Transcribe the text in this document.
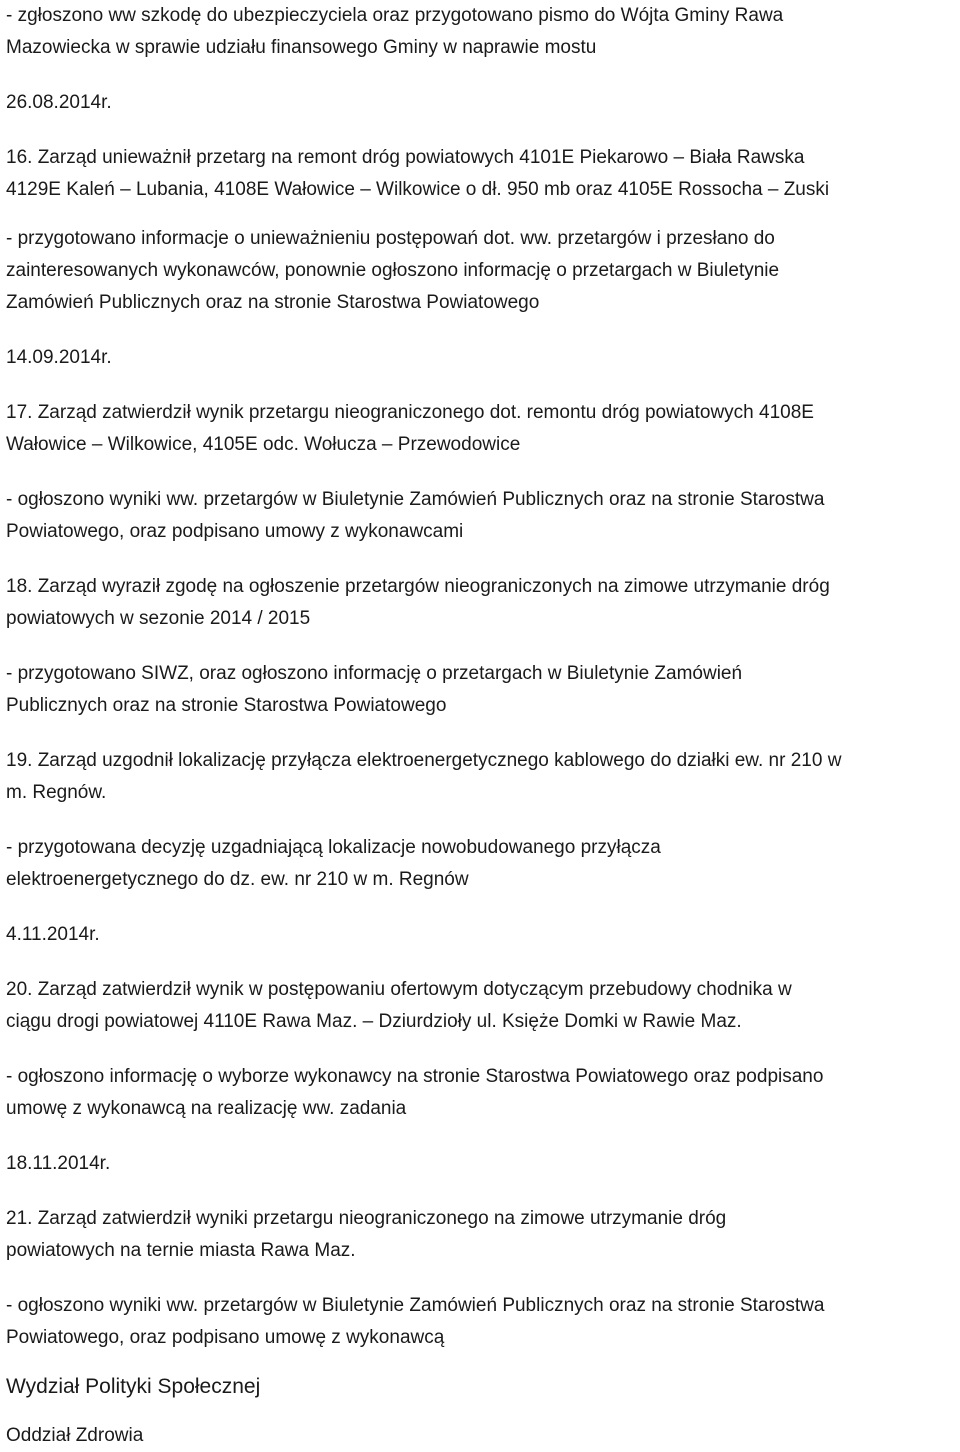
- zgłoszono ww szkodę do ubezpieczyciela oraz przygotowano pismo do Wójta Gminy Rawa
Mazowiecka w sprawie udziału finansowego Gminy w naprawie mostu

26.08.2014r.

16. Zarząd unieważnił przetarg na remont dróg powiatowych 4101E Piekarowo – Biała Rawska
4129E Kaleń – Lubania, 4108E Wałowice – Wilkowice o dł. 950 mb oraz 4105E Rossocha – Zuski

- przygotowano informacje o unieważnieniu postępowań dot. ww. przetargów i przesłano do
zainteresowanych wykonawców, ponownie ogłoszono informację o przetargach w Biuletynie
Zamówień Publicznych oraz na stronie Starostwa Powiatowego

14.09.2014r.

17. Zarząd zatwierdził wynik przetargu nieograniczonego dot. remontu dróg powiatowych 4108E
Wałowice – Wilkowice, 4105E odc. Wołucza – Przewodowice

- ogłoszono wyniki ww. przetargów w Biuletynie Zamówień Publicznych oraz na stronie Starostwa
Powiatowego, oraz podpisano umowy z wykonawcami

18. Zarząd wyraził zgodę na ogłoszenie przetargów nieograniczonych na zimowe utrzymanie dróg
powiatowych w sezonie 2014 / 2015

- przygotowano SIWZ, oraz ogłoszono informację o przetargach w Biuletynie Zamówień
Publicznych oraz na stronie Starostwa Powiatowego

19. Zarząd uzgodnił lokalizację przyłącza elektroenergetycznego kablowego do działki ew. nr 210 w
m. Regnów.

- przygotowana decyzję uzgadniającą lokalizacje nowobudowanego przyłącza
elektroenergetycznego do dz. ew. nr 210 w m. Regnów

4.11.2014r.

20. Zarząd zatwierdził wynik w postępowaniu ofertowym dotyczącym przebudowy chodnika w
ciągu drogi powiatowej 4110E Rawa Maz. – Dziurdzioły ul. Księże Domki w Rawie Maz.

- ogłoszono informację o wyborze wykonawcy na stronie Starostwa Powiatowego oraz podpisano
umowę z wykonawcą na realizację ww. zadania

18.11.2014r.

21. Zarząd zatwierdził wyniki przetargu nieograniczonego na zimowe utrzymanie dróg
powiatowych na ternie miasta Rawa Maz.

- ogłoszono wyniki ww. przetargów w Biuletynie Zamówień Publicznych oraz na stronie Starostwa
Powiatowego, oraz podpisano umowę z wykonawcą

Wydział Polityki Społecznej

Oddział Zdrowia
